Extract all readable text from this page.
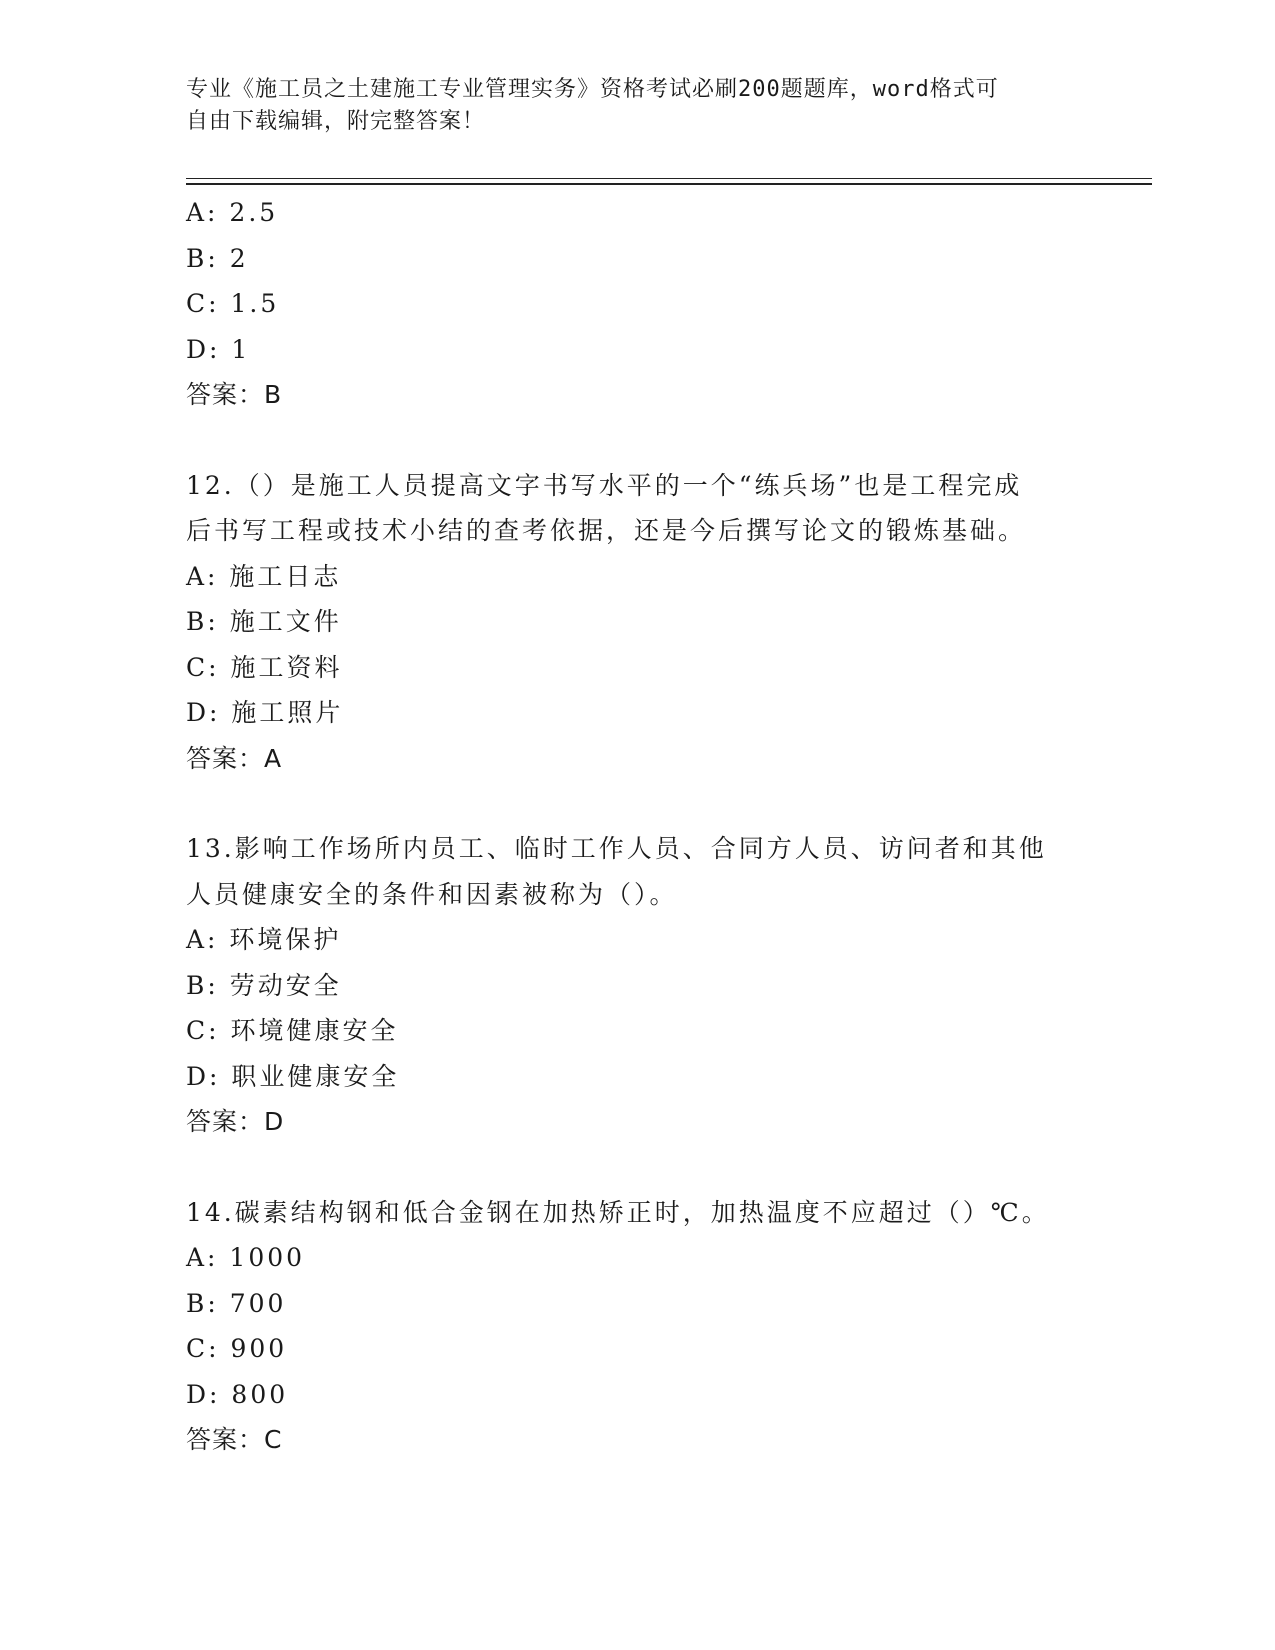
专业《施工员之土建施工专业管理实务》资格考试必刷200题题库，word格式可
自由下载编辑，附完整答案！
A: 2.5
B: 2
C: 1.5
D: 1
答案：B
12.（）是施工人员提高文字书写水平的一个“练兵场”也是工程完成
后书写工程或技术小结的查考依据，还是今后撰写论文的锻炼基础。
A: 施工日志
B: 施工文件
C: 施工资料
D: 施工照片
答案：A
13.影响工作场所内员工、临时工作人员、合同方人员、访问者和其他
人员健康安全的条件和因素被称为（）。
A: 环境保护
B: 劳动安全
C: 环境健康安全
D: 职业健康安全
答案：D
14.碳素结构钢和低合金钢在加热矫正时，加热温度不应超过（）℃。
A: 1000
B: 700
C: 900
D: 800
答案：C
